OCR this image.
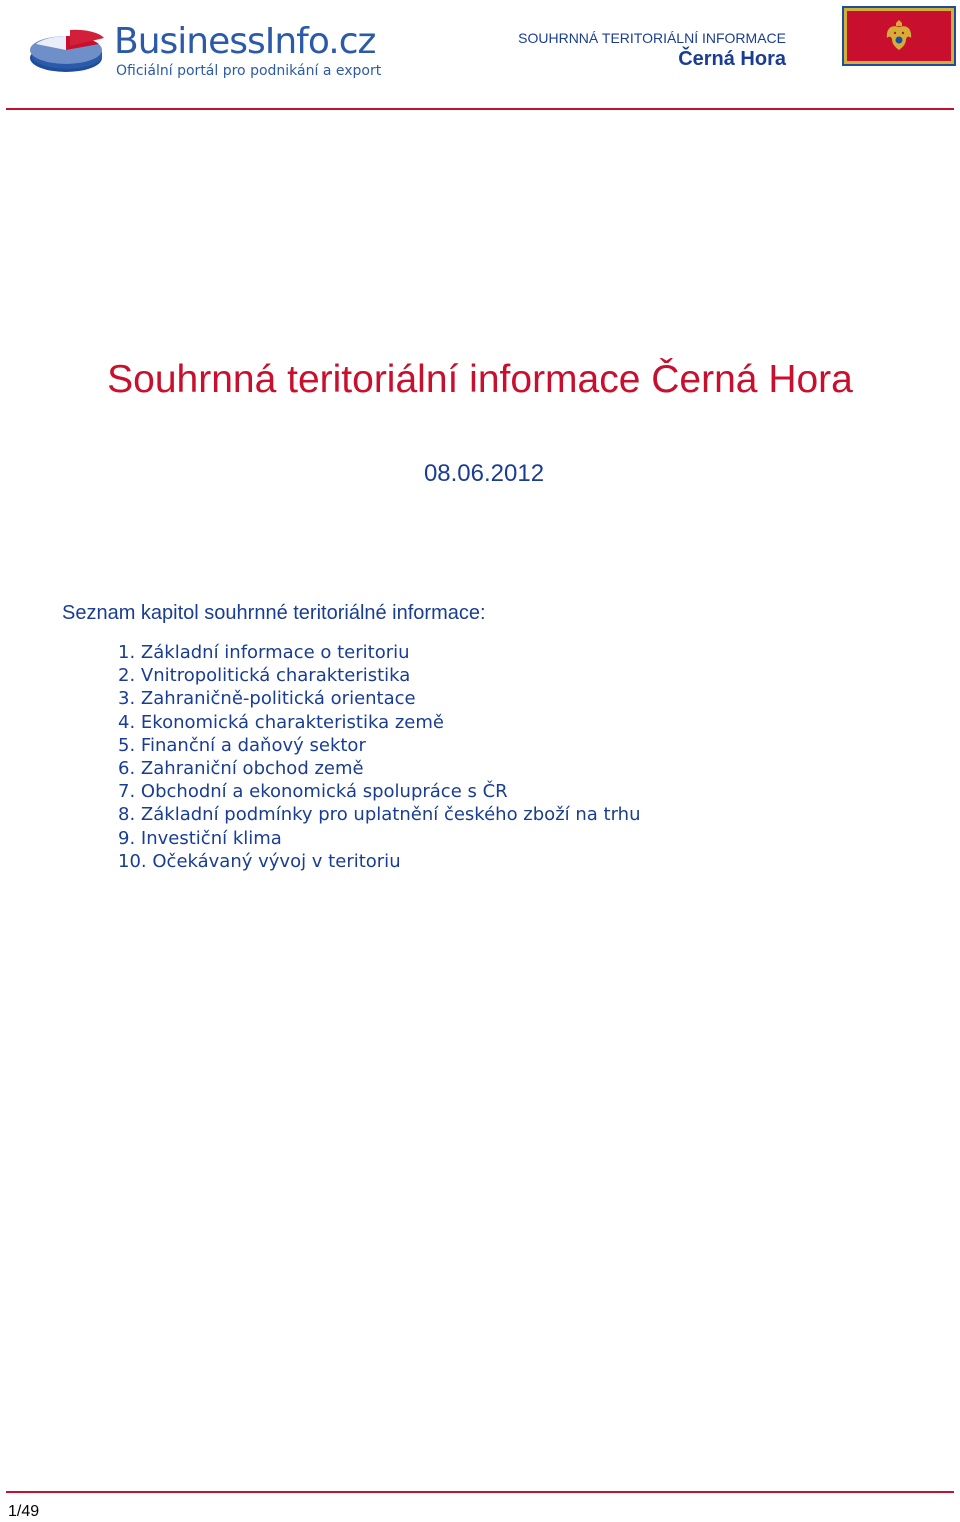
BusinessInfo.cz
Oficiální portál pro podnikání a export
SOUHRNNÁ TERITORIÁLNÍ INFORMACE
Černá Hora
Souhrnná teritoriální informace Černá Hora
08.06.2012
Seznam kapitol souhrnné teritoriálné informace:
1. Základní informace o teritoriu
2. Vnitropolitická charakteristika
3. Zahraničně-politická orientace
4. Ekonomická charakteristika země
5. Finanční a daňový sektor
6. Zahraniční obchod země
7. Obchodní a ekonomická spolupráce s ČR
8. Základní podmínky pro uplatnění českého zboží na trhu
9. Investiční klima
10. Očekávaný vývoj v teritoriu
1/49
